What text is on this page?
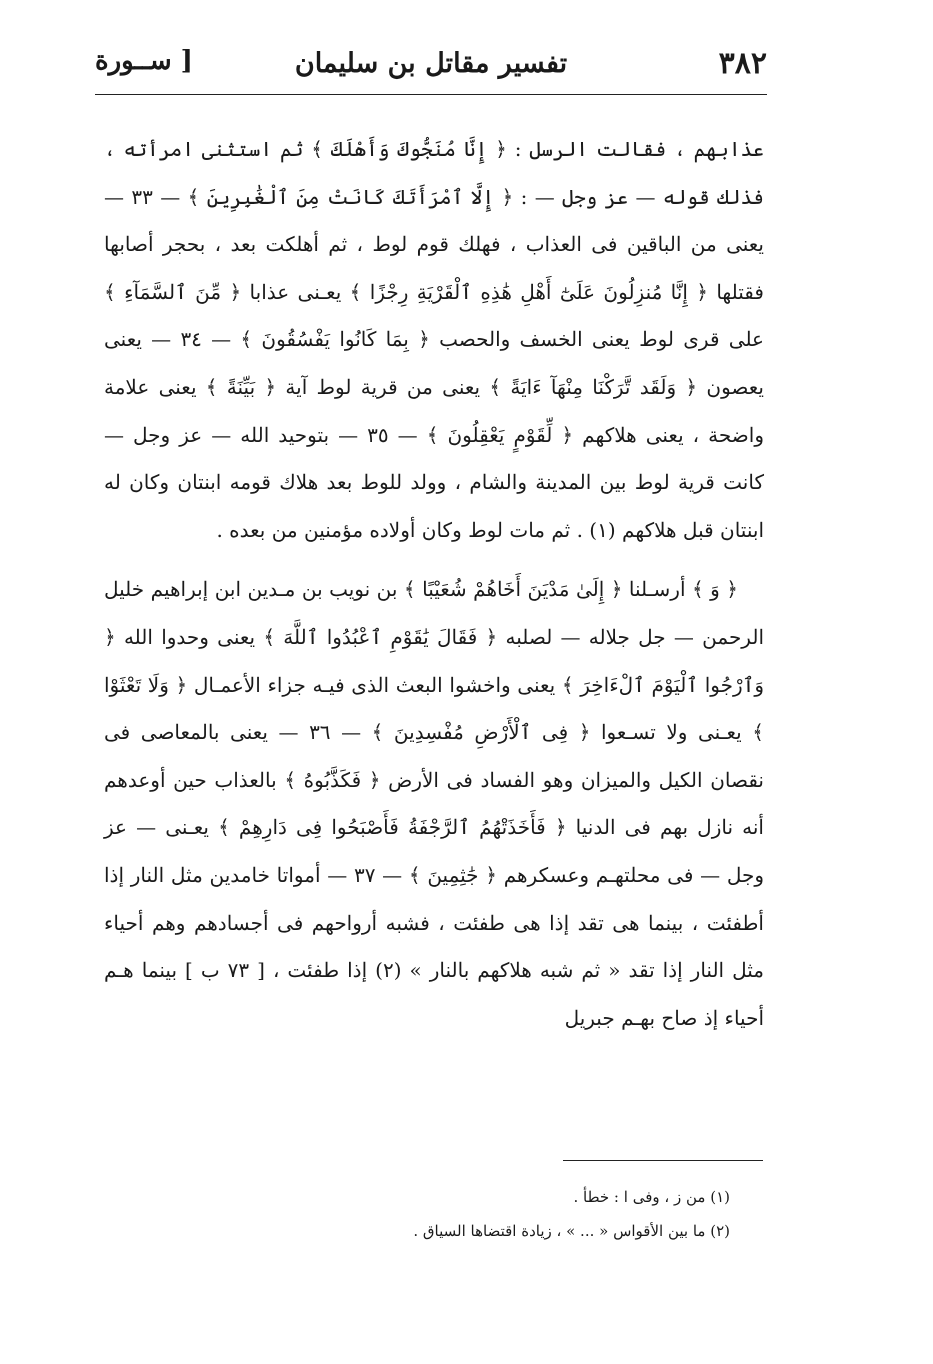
٣٨٢
تفسير مقاتل بن سليمان
[ ســورة

عذابهم ، فقالت الرسل : ﴿ إِنَّا مُنَجُّوكَ وَأَهْلَكَ ﴾ ثم استثنى امرأته ، فذلك قوله — عز وجل — : ﴿ إِلَّا ٱمْرَأَتَكَ كَانَتْ مِنَ ٱلْغَٰبِرِينَ ﴾ — ٣٣ — يعنى من الباقين فى العذاب ، فهلك قوم لوط ، ثم أهلكت بعد ، بحجر أصابها فقتلها ﴿ إِنَّا مُنزِلُونَ عَلَىٰٓ أَهْلِ هَٰذِهِ ٱلْقَرْيَةِ رِجْزًا ﴾ يعـنى عذابا ﴿ مِّنَ ٱلسَّمَآءِ ﴾ على قرى لوط يعنى الخسف والحصب ﴿ بِمَا كَانُوا يَفْسُقُونَ ﴾ — ٣٤ — يعنى يعصون ﴿ وَلَقَد تَّرَكْنَا مِنْهَآ ءَايَةً ﴾ يعنى من قرية لوط آية ﴿ بَيِّنَةً ﴾ يعنى علامة واضحة ، يعنى هلاكهم ﴿ لِّقَوْمٍ يَعْقِلُونَ ﴾ — ٣٥ — بتوحيد الله — عز وجل — كانت قرية لوط بين المدينة والشام ، وولد للوط بعد هلاك قومه ابنتان وكان له ابنتان قبل هلاكهم (١) . ثم مات لوط وكان أولاده مؤمنين من بعده .

﴿ وَ ﴾ أرسـلنا ﴿ إِلَىٰ مَدْيَنَ أَخَاهُمْ شُعَيْبًا ﴾ بن نويب بن مـدين ابن إبراهيم خليل الرحمن — جل جلاله — لصلبه ﴿ فَقَالَ يَٰقَوْمِ ٱعْبُدُوا ٱللَّهَ ﴾ يعنى وحدوا الله ﴿ وَٱرْجُوا ٱلْيَوْمَ ٱلْءَاخِرَ ﴾ يعنى واخشوا البعث الذى فيـه جزاء الأعمـال ﴿ وَلَا تَعْثَوْا ﴾ يعـنى ولا تسـعوا ﴿ فِى ٱلْأَرْضِ مُفْسِدِينَ ﴾ — ٣٦ — يعنى بالمعاصى فى نقصان الكيل والميزان وهو الفساد فى الأرض ﴿ فَكَذَّبُوهُ ﴾ بالعذاب حين أوعدهم أنه نازل بهم فى الدنيا ﴿ فَأَخَذَتْهُمُ ٱلرَّجْفَةُ فَأَصْبَحُوا فِى دَارِهِمْ ﴾ يعـنى — عز وجل — فى محلتهـم وعسكرهم ﴿ جَٰثِمِينَ ﴾ — ٣٧ — أمواتا خامدين مثل النار إذا أطفئت ، بينما هى تقد إذا هى طفئت ، فشبه أرواحهم فى أجسادهم وهم أحياء مثل النار إذا تقد « ثم شبه هلاكهم بالنار » (٢) إذا طفئت ، [ ٧٣ ب ] بينما هـم أحياء إذ صاح بهـم جبريل

(١) من ز ، وفى ا : خطأ .
(٢) ما بين الأقواس « ... » ، زيادة اقتضاها السياق .
